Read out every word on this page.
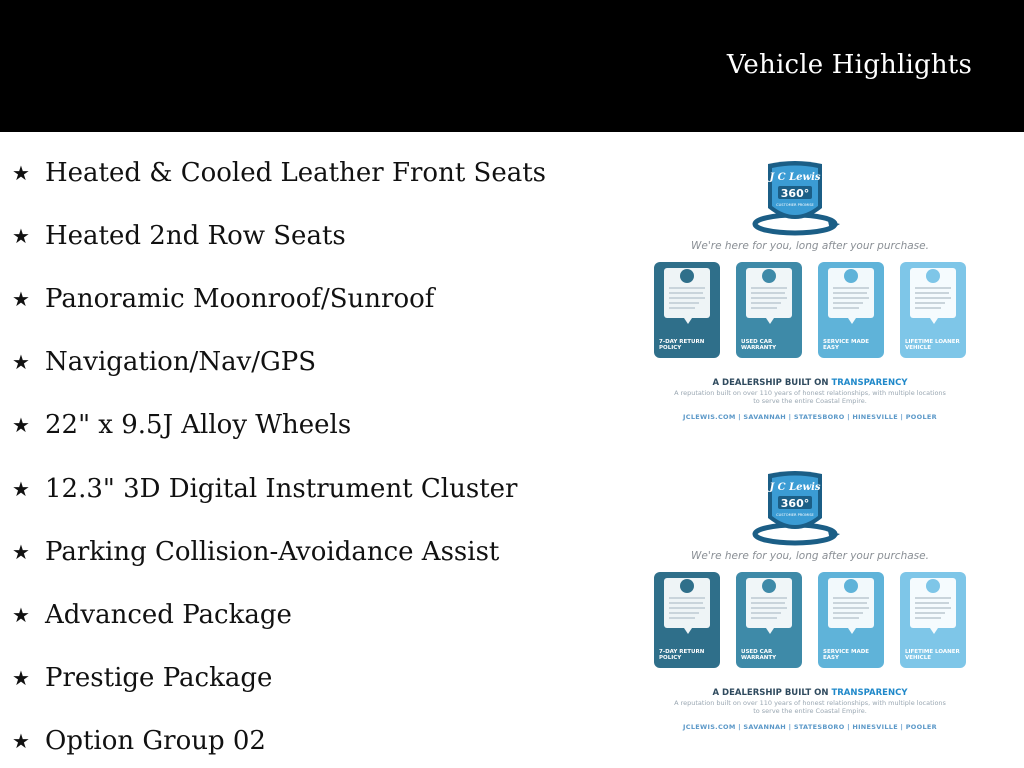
Vehicle Highlights
★ Heated & Cooled Leather Front Seats
★ Heated 2nd Row Seats
★ Panoramic Moonroof/Sunroof
★ Navigation/Nav/GPS
★ 22" x 9.5J Alloy Wheels
★ 12.3" 3D Digital Instrument Cluster
★ Parking Collision-Avoidance Assist
★ Advanced Package
★ Prestige Package
★ Option Group 02
J C Lewis
360°
CUSTOMER PROMISE
We're here for you, long after your purchase.
7-DAY RETURN POLICY
USED CAR WARRANTY
SERVICE MADE EASY
LIFETIME LOANER VEHICLE
A DEALERSHIP BUILT ON TRANSPARENCY
A reputation built on over 110 years of honest relationships, with multiple locations to serve the entire Coastal Empire.
JCLEWIS.COM | SAVANNAH | STATESBORO | HINESVILLE | POOLER
J C Lewis
360°
CUSTOMER PROMISE
We're here for you, long after your purchase.
7-DAY RETURN POLICY
USED CAR WARRANTY
SERVICE MADE EASY
LIFETIME LOANER VEHICLE
A DEALERSHIP BUILT ON TRANSPARENCY
A reputation built on over 110 years of honest relationships, with multiple locations to serve the entire Coastal Empire.
JCLEWIS.COM | SAVANNAH | STATESBORO | HINESVILLE | POOLER
